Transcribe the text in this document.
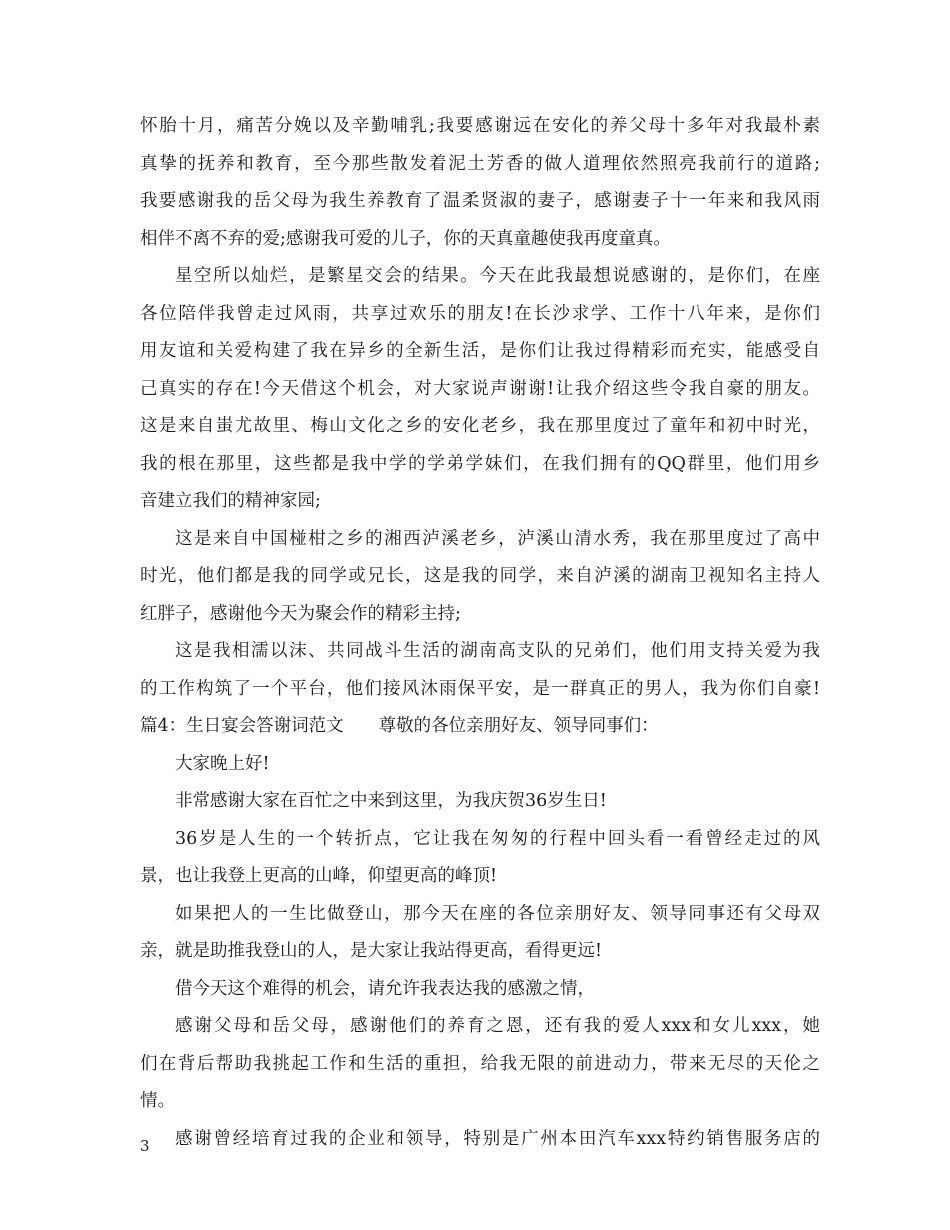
怀胎十月，痛苦分娩以及辛勤哺乳;我要感谢远在安化的养父母十多年对我最朴素
真挚的抚养和教育，至今那些散发着泥土芳香的做人道理依然照亮我前行的道路;
我要感谢我的岳父母为我生养教育了温柔贤淑的妻子，感谢妻子十一年来和我风雨
相伴不离不弃的爱;感谢我可爱的儿子，你的天真童趣使我再度童真。
星空所以灿烂，是繁星交会的结果。今天在此我最想说感谢的，是你们，在座
各位陪伴我曾走过风雨，共享过欢乐的朋友!在长沙求学、工作十八年来，是你们
用友谊和关爱构建了我在异乡的全新生活，是你们让我过得精彩而充实，能感受自
己真实的存在!今天借这个机会，对大家说声谢谢!让我介绍这些令我自豪的朋友。
这是来自蚩尤故里、梅山文化之乡的安化老乡，我在那里度过了童年和初中时光，
我的根在那里，这些都是我中学的学弟学妹们，在我们拥有的QQ群里，他们用乡
音建立我们的精神家园;
这是来自中国椪柑之乡的湘西泸溪老乡，泸溪山清水秀，我在那里度过了高中
时光，他们都是我的同学或兄长，这是我的同学，来自泸溪的湖南卫视知名主持人
红胖子，感谢他今天为聚会作的精彩主持;
这是我相濡以沫、共同战斗生活的湖南高支队的兄弟们，他们用支持关爱为我
的工作构筑了一个平台，他们接风沐雨保平安，是一群真正的男人，我为你们自豪!
篇4：生日宴会答谢词范文　　尊敬的各位亲朋好友、领导同事们：
大家晚上好!
非常感谢大家在百忙之中来到这里，为我庆贺36岁生日!
36岁是人生的一个转折点，它让我在匆匆的行程中回头看一看曾经走过的风
景，也让我登上更高的山峰，仰望更高的峰顶!
如果把人的一生比做登山，那今天在座的各位亲朋好友、领导同事还有父母双
亲，就是助推我登山的人，是大家让我站得更高，看得更远!
借今天这个难得的机会，请允许我表达我的感激之情，
感谢父母和岳父母，感谢他们的养育之恩，还有我的爱人xxx和女儿xxx，她
们在背后帮助我挑起工作和生活的重担，给我无限的前进动力，带来无尽的天伦之
情。
感谢曾经培育过我的企业和领导，特别是广州本田汽车xxx特约销售服务店的
3
